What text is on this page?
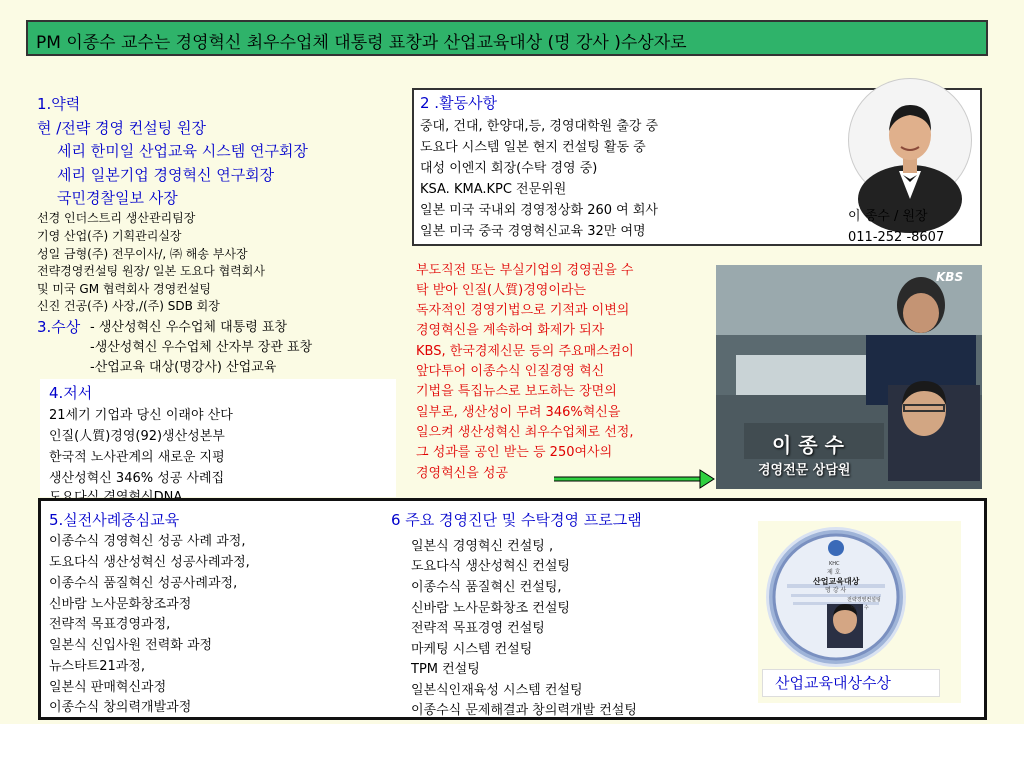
PM 이종수 교수는 경영혁신 최우수업체 대통령 표창과 산업교육대상 (명 강사 )수상자로
1.약력
현 /전략 경영 컨설팅 원장
세리 한미일 산업교육 시스템 연구회장
세리 일본기업 경영혁신 연구회장
국민경찰일보 사장
선경 인더스트리 생산관리팀장
기영 산업(주) 기획관리실장
성일 금형(주) 전무이사/, ㈜ 해송 부사장
전략경영컨설팅 원장/ 일본 도요다 협력회사
및 미국 GM 협력회사 경영컨설팅
신진 건공(주) 사장,/(주) SDB 회장
3.수상 - 생산성혁신 우수업체 대통령 표창
-생산성혁신 우수업체 산자부 장관 표창
-산업교육 대상(명강사) 산업교육
4.저서
21세기 기업과 당신 이래야 산다
인질(人質)경영(92)생산성본부
한국적 노사관계의 새로운 지평
생산성혁신 346% 성공 사례집
2 .활동사항
중대, 건대, 한양대,등, 경영대학원 출강 중
도요다 시스템 일본 현지 컨설팅 활동 중
대성 이엔지 회장(수탁 경영 중)
KSA. KMA.KPC 전문위원
일본 미국 국내외 경영정상화 260 여 회사
일본 미국 중국 경영혁신교육 32만 여명
이 종수 / 원장
011-252 -8607
부도직전 또는 부실기업의 경영권을 수
탁 받아 인질(人質)경영이라는
독자적인 경영기법으로 기적과 이변의
경영혁신을 계속하여 화제가 되자
KBS, 한국경제신문 등의 주요매스컴이
앞다투어 이종수식 인질경영 혁신
기법을 특집뉴스로 보도하는 장면의
일부로, 생산성이 무려 346%혁신을
일으켜 생산성혁신 최우수업체로 선정,
그 성과를 공인 받는 등 250여사의
경영혁신을 성공
KBS
이 종 수
경영전문 상담원
5.실전사례중심교육
이종수식 경영혁신 성공 사례 과정,
도요다식 생산성혁신 성공사례과정,
이종수식 품질혁신 성공사례과정,
신바람 노사문화창조과정
전략적 목표경영과정,
일본식 신입사원 전력화 과정
뉴스타트21과정,
일본식 판매혁신과정
이종수식 창의력개발과정
6 주요 경영진단 및 수탁경영 프로그램
일본식 경영혁신 컨설팅 ,
도요다식 생산성혁신 컨설팅
이종수식 품질혁신 컨설팅,
신바람 노사문화창조 컨설팅
전략적 목표경영 컨설팅
마케팅 시스템 컨설팅
TPM 컨설팅
일본식인재육성 시스템 컨설팅
이종수식 문제해결과 창의력개발 컨설팅
KHC
제 호
산업교육대상
명 강 사
전략경영컨설팅
이 종 수
산업교육대상수상
